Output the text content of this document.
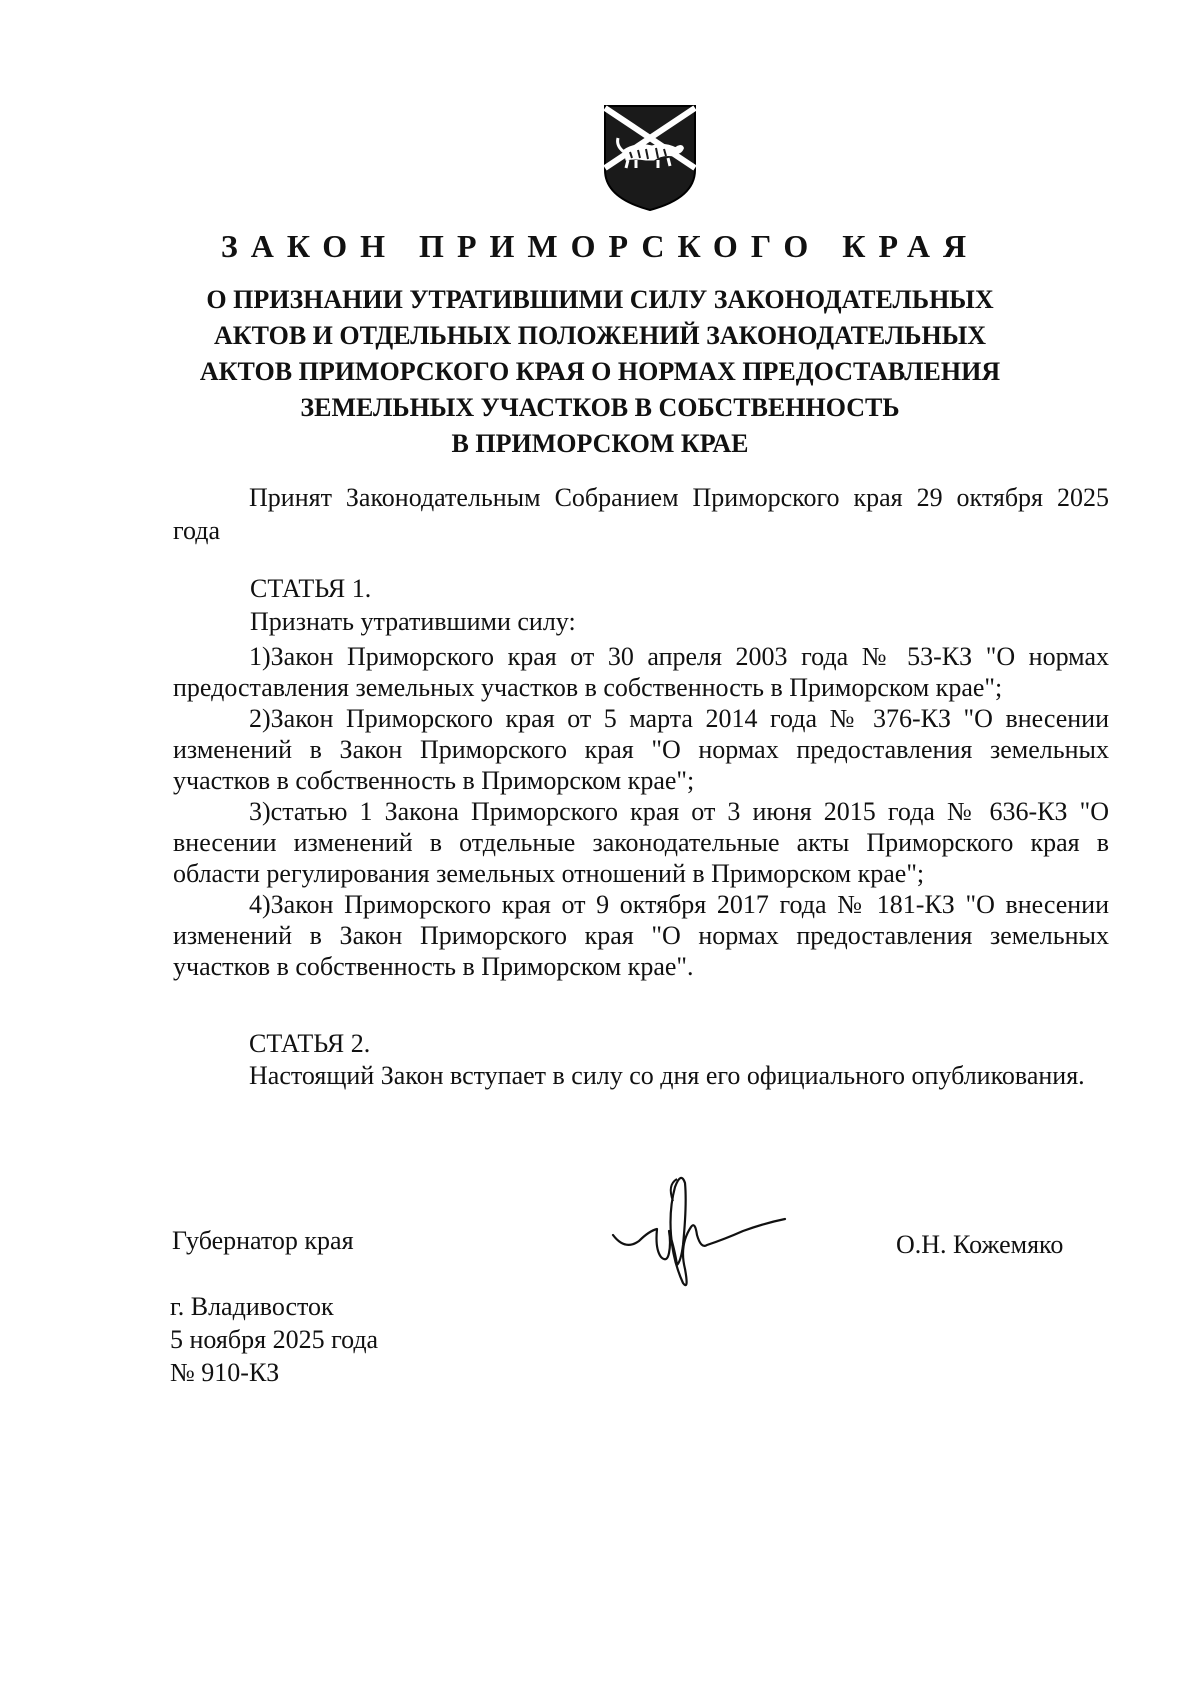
ЗАКОН ПРИМОРСКОГО КРАЯ
О ПРИЗНАНИИ УТРАТИВШИМИ СИЛУ ЗАКОНОДАТЕЛЬНЫХ
АКТОВ И ОТДЕЛЬНЫХ ПОЛОЖЕНИЙ ЗАКОНОДАТЕЛЬНЫХ
АКТОВ ПРИМОРСКОГО КРАЯ О НОРМАХ ПРЕДОСТАВЛЕНИЯ
ЗЕМЕЛЬНЫХ УЧАСТКОВ В СОБСТВЕННОСТЬ
В ПРИМОРСКОМ КРАЕ
Принят Законодательным Собранием Приморского края 29 октября 2025 года
СТАТЬЯ 1.
Признать утратившими силу:

1)Закон Приморского края от 30 апреля 2003 года № 53-КЗ "О нормах предоставления земельных участков в собственность в Приморском крае";

2)Закон Приморского края от 5 марта 2014 года № 376-КЗ "О внесении изменений в Закон Приморского края "О нормах предоставления земельных участков в собственность в Приморском крае";

3)статью 1 Закона Приморского края от 3 июня 2015 года № 636-КЗ "О внесении изменений в отдельные законодательные акты Приморского края в области регулирования земельных отношений в Приморском крае";

4)Закон Приморского края от 9 октября 2017 года № 181-КЗ "О внесении изменений в Закон Приморского края "О нормах предоставления земельных участков в собственность в Приморском крае".

СТАТЬЯ 2.
Настоящий Закон вступает в силу со дня его официального опубликования.
Губернатор края	О.Н. Кожемяко
г. Владивосток
5 ноября 2025 года
№ 910-КЗ
